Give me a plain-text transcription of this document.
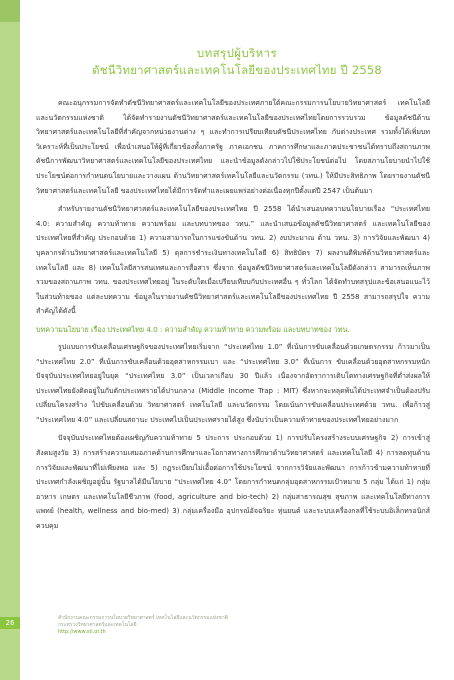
บทสรุปผู้บริหาร
ดัชนีวิทยาศาสตร์และเทคโนโลยีของประเทศไทย ปี 2558

คณะอนุกรรมการจัดทำดัชนีวิทยาศาสตร์และเทคโนโลยีของประเทศภายใต้คณะกรรมการนโยบายวิทยาศาสตร์ เทคโนโลยีและนวัตกรรมแห่งชาติ ได้จัดทำรายงานดัชนีวิทยาศาสตร์และเทคโนโลยีของประเทศไทยโดยการรวบรวม ข้อมูลดัชนีด้านวิทยาศาสตร์และเทคโนโลยีที่สำคัญจากหน่วยงานต่าง ๆ และทำการเปรียบเทียบดัชนีประเทศไทย กับต่างประเทศ รวมทั้งได้เพิ่มบทวิเคราะห์ที่เป็นประโยชน์ เพื่อนำเสนอให้ผู้ที่เกี่ยวข้องทั้งภาครัฐ ภาคเอกชน ภาคการศึกษาและภาคประชาชนได้ทราบถึงสถานภาพดัชนีการพัฒนาวิทยาศาสตร์และเทคโนโลยีของประเทศไทย และนำข้อมูลดังกล่าวไปใช้ประโยชน์ต่อไป โดยสภานโยบายนำไปใช้ประโยชน์ต่อการกำหนดนโยบายและวางแผน ด้านวิทยาศาสตร์เทคโนโลยีและนวัตกรรม (วทน.) ให้มีประสิทธิภาพ โดยรายงานดัชนีวิทยาศาสตร์และเทคโนโลยี ของประเทศไทยได้มีการจัดทำและเผยแพร่อย่างต่อเนื่องทุกปีตั้งแต่ปี 2547 เป็นต้นมา

สำหรับรายงานดัชนีวิทยาศาสตร์และเทคโนโลยีของประเทศไทย ปี 2558 ได้นำเสนอบทความนโยบายเรื่อง “ประเทศไทย 4.0: ความสำคัญ ความท้าทาย ความพร้อม และบทบาทของ วทน.” และนำเสนอข้อมูลดัชนีวิทยาศาสตร์ และเทคโนโลยีของประเทศไทยที่สำคัญ ประกอบด้วย 1) ความสามารถในการแข่งขันด้าน วทน. 2) งบประมาณ ด้าน วทน. 3) การวิจัยและพัฒนา 4) บุคลากรด้านวิทยาศาสตร์และเทคโนโลยี 5) ดุลการชำระเงินทางเทคโนโลยี 6) สิทธิบัตร 7) ผลงานตีพิมพ์ด้านวิทยาศาสตร์และเทคโนโลยี และ 8) เทคโนโลยีสารสนเทศและการสื่อสาร ซึ่งจาก ข้อมูลดัชนีวิทยาศาสตร์และเทคโนโลยีดังกล่าว สามารถเห็นภาพรวมของสถานภาพ วทน. ของประเทศไทยอยู่ ในระดับใดเมื่อเปรียบเทียบกับประเทศอื่น ๆ ทั่วโลก ได้จัดทำบทสรุปและข้อเสนอแนะไว้ในส่วนท้ายของ แต่ละบทความ ข้อมูลในรายงานดัชนีวิทยาศาสตร์และเทคโนโลยีของประเทศไทย ปี 2558 สามารถสรุปใจ ความสำคัญได้ดังนี้

บทความนโยบาย เรื่อง ประเทศไทย 4.0 : ความสำคัญ ความท้าทาย ความพร้อม และบทบาทของ วทน.

รูปแบบการขับเคลื่อนเศรษฐกิจของประเทศไทยเริ่มจาก “ประเทศไทย 1.0” ที่เน้นการขับเคลื่อนด้วยเกษตรกรรม ก้าวมาเป็น “ประเทศไทย 2.0” ที่เน้นการขับเคลื่อนด้วยอุตสาหกรรมเบา และ “ประเทศไทย 3.0” ที่เน้นการ ขับเคลื่อนด้วยอุตสาหกรรมหนัก ปัจจุบันประเทศไทยอยู่ในยุค “ประเทศไทย 3.0” เป็นเวลาเกือบ 30 ปีแล้ว เนื่องจากอัตราการเติบโตทางเศรษฐกิจที่ต่ำส่งผลให้ประเทศไทยยังติดอยู่ในกับดักประเทศรายได้ปานกลาง (Middle Income Trap : MIT) ซึ่งหากจะหลุดพ้นได้ประเทศจำเป็นต้องปรับเปลี่ยนโครงสร้าง ไปขับเคลื่อนด้วย วิทยาศาสตร์ เทคโนโลยี และนวัตกรรม โดยเน้นการขับเคลื่อนประเทศด้วย วทน. เพื่อก้าวสู่ “ประเทศไทย 4.0” และเปลี่ยนสถานะ ประเทศไปเป็นประเทศรายได้สูง ซึ่งนับว่าเป็นความท้าทายของประเทศไทยอย่างมาก

ปัจจุบันประเทศไทยต้องเผชิญกับความท้าทาย 5 ประการ ประกอบด้วย 1) การปรับโครงสร้างระบบเศรษฐกิจ 2) การเข้าสู่สังคมสูงวัย 3) การสร้างความเสมอภาคด้านการศึกษาและโอกาสทางการศึกษาด้านวิทยาศาสตร์ และเทคโนโลยี 4) การลดทุนด้านการวิจัยและพัฒนาที่ไม่เพียงพอ และ 5) กฎระเบียบไม่เอื้อต่อการใช้ประโยชน์ จากการวิจัยและพัฒนา การก้าวข้ามความท้าทายที่ประเทศกำลังเผชิญอยู่นั้น รัฐบาลได้มีนโยบาย “ประเทศไทย 4.0” โดยการกำหนดกลุ่มอุตสาหกรรมเป้าหมาย 5 กลุ่ม ได้แก่ 1) กลุ่มอาหาร เกษตร และเทคโนโลยีชีวภาพ (food, agriculture and bio-tech) 2) กลุ่มสาธารณสุข สุขภาพ และเทคโนโลยีทางการแพทย์ (health, wellness and bio-med) 3) กลุ่มเครื่องมือ อุปกรณ์อัจฉริยะ หุ่นยนต์ และระบบเครื่องกลที่ใช้ระบบอิเล็กทรอนิกส์ควบคุม

26
สำนักงานคณะกรรมการนโยบายวิทยาศาสตร์ เทคโนโลยีและนวัตกรรมแห่งชาติ
กระทรวงวิทยาศาสตร์และเทคโนโลยี
http://www.sti.or.th
